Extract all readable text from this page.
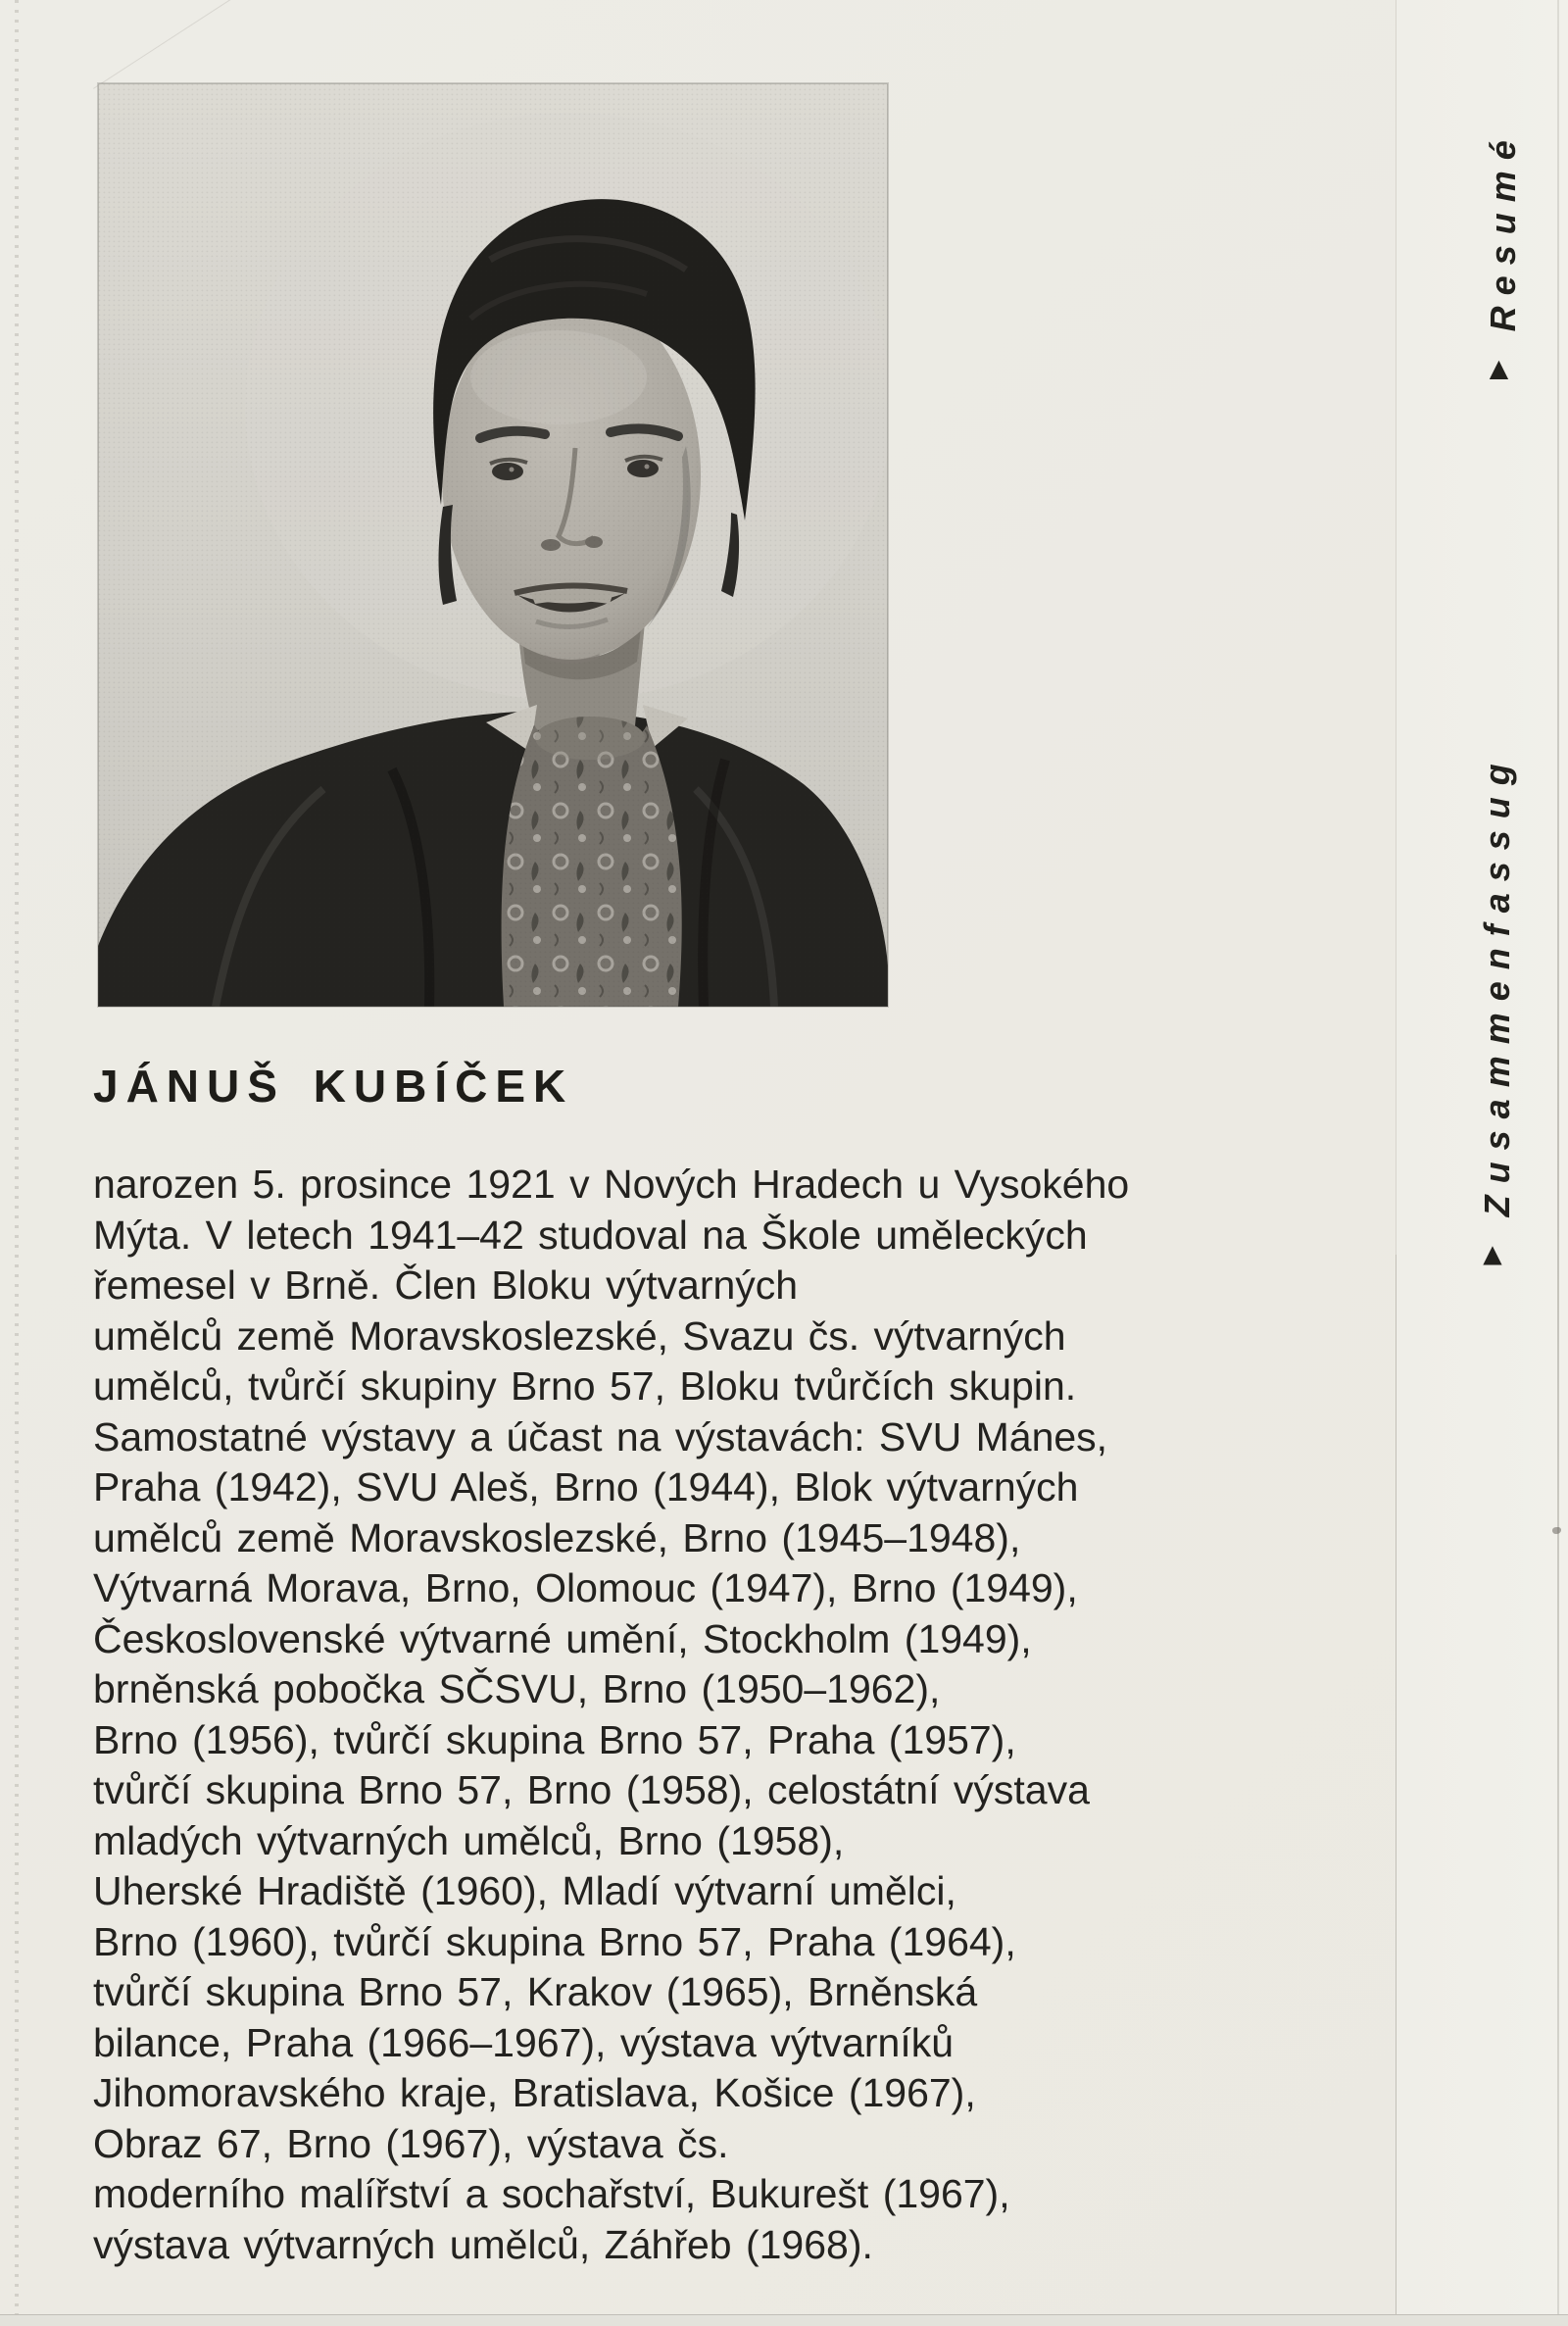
JÁNUŠ KUBÍČEK
narozen 5. prosince 1921 v Nových Hradech u Vysokého
Mýta. V letech 1941–42 studoval na Škole uměleckých
řemesel v Brně. Člen Bloku výtvarných
umělců země Moravskoslezské, Svazu čs. výtvarných
umělců, tvůrčí skupiny Brno 57, Bloku tvůrčích skupin.
Samostatné výstavy a účast na výstavách: SVU Mánes,
Praha (1942), SVU Aleš, Brno (1944), Blok výtvarných
umělců země Moravskoslezské, Brno (1945–1948),
Výtvarná Morava, Brno, Olomouc (1947), Brno (1949),
Československé výtvarné umění, Stockholm (1949),
brněnská pobočka SČSVU, Brno (1950–1962),
Brno (1956), tvůrčí skupina Brno 57, Praha (1957),
tvůrčí skupina Brno 57, Brno (1958), celostátní výstava
mladých výtvarných umělců, Brno (1958),
Uherské Hradiště (1960), Mladí výtvarní umělci,
Brno (1960), tvůrčí skupina Brno 57, Praha (1964),
tvůrčí skupina Brno 57, Krakov (1965), Brněnská
bilance, Praha (1966–1967), výstava výtvarníků
Jihomoravského kraje, Bratislava, Košice (1967),
Obraz 67, Brno (1967), výstava čs.
moderního malířství a sochařství, Bukurešt (1967),
výstava výtvarných umělců, Záhřeb (1968).
▲Resumé
▲Zusammenfassug
